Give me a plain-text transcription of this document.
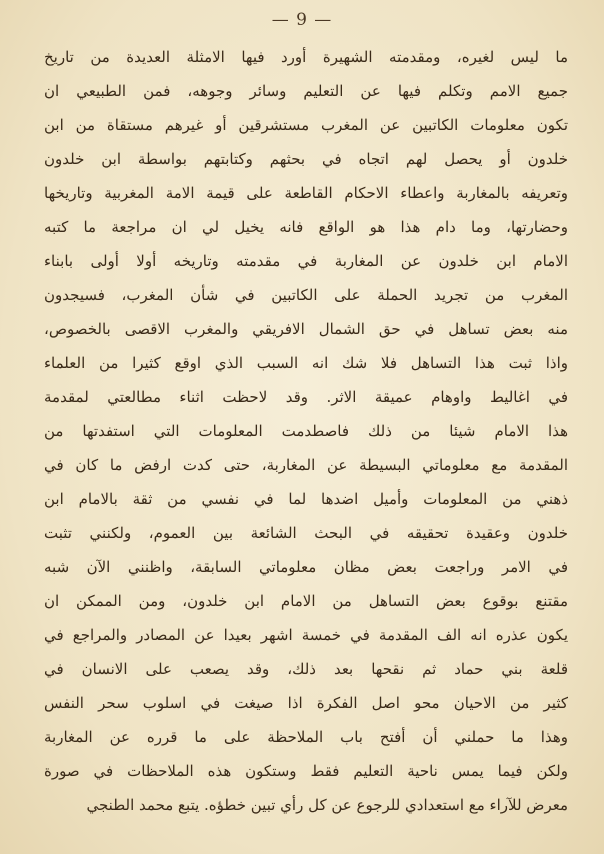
— 9 —
ما ليس لغيره، ومقدمته الشهيرة أورد فيها الامثلة العديدة من تاريخ
جميع الامم وتكلم فيها عن التعليم وسائر وجوهه، فمن الطبيعي ان
تكون معلومات الكاتبين عن المغرب مستشرقين أو غيرهم مستقاة من ابن
خلدون أو يحصل لهم اتجاه في بحثهم وكتابتهم بواسطة ابن خلدون
وتعريفه بالمغاربة واعطاء الاحكام القاطعة على قيمة الامة المغربية وتاريخها
وحضارتها، وما دام هذا هو الواقع فانه يخيل لي ان مراجعة ما كتبه
الامام ابن خلدون عن المغاربة في مقدمته وتاريخه أولا أولى بابناء
المغرب من تجريد الحملة على الكاتبين في شأن المغرب، فسيجدون
منه بعض تساهل في حق الشمال الافريقي والمغرب الاقصى بالخصوص،
واذا ثبت هذا التساهل فلا شك انه السبب الذي اوقع كثيرا من العلماء
في اغاليط واوهام عميقة الاثر. وقد لاحظت اثناء مطالعتي لمقدمة
هذا الامام شيئا من ذلك فاصطدمت المعلومات التي استفدتها من
المقدمة مع معلوماتي البسيطة عن المغاربة، حتى كدت ارفض ما كان في
ذهني من المعلومات وأميل اضدها لما في نفسي من ثقة بالامام ابن
خلدون وعقيدة تحقيقه في البحث الشائعة بين العموم، ولكنني تثبت
في الامر وراجعت بعض مظان معلوماتي السابقة، واظنني الآن شبه
مقتنع بوقوع بعض التساهل من الامام ابن خلدون، ومن الممكن ان
يكون عذره انه الف المقدمة في خمسة اشهر بعيدا عن المصادر والمراجع في
قلعة بني حماد ثم نقحها بعد ذلك، وقد يصعب على الانسان في
كثير من الاحيان محو اصل الفكرة اذا صيغت في اسلوب سحر النفس
وهذا ما حملني أن أفتح باب الملاحظة على ما قرره عن المغاربة
ولكن فيما يمس ناحية التعليم فقط وستكون هذه الملاحظات في صورة
معرض للآراء مع استعدادي للرجوع عن كل رأي تبين خطؤه. يتبع محمد الطنجي
